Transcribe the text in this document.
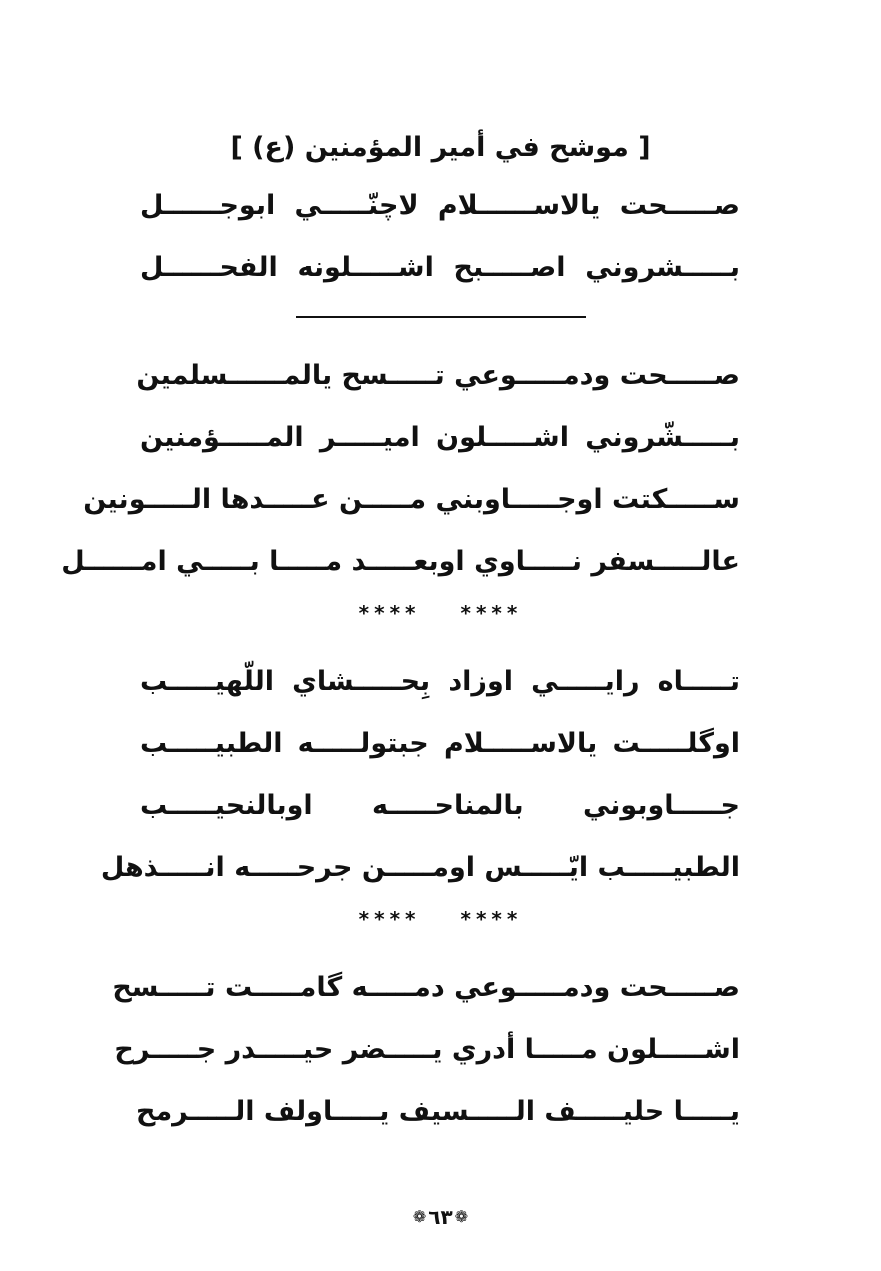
[ موشح في أمير المؤمنين (ع) ]
صـــــحت يالاســــــلام لاچنّـــــي ابوجــــــل
بـــــشروني اصـــــبح اشـــــلونه الفحــــــل
صـــــحت ودمـــــوعي تـــــسح يالمــــــسلمين
بـــــشّروني اشـــــلون اميـــــر المـــــؤمنين
ســـــكتت اوجـــــاوبني مـــــن عـــــدها الـــــونين
عالـــــسفر نـــــاوي اوبعـــــد مـــــا بـــــي امــــــل
**** ****
تـــــاه رايـــــي اوزاد بِحـــــشاي اللّهيـــــب
اوگلـــــت يالاســـــلام جبتولـــــه الطبيـــــب
جـــــاوبوني بالمناحـــــه اوبالنحيـــــب
الطبيـــــب ايّـــــس اومـــــن جرحـــــه انـــــذهل
**** ****
صـــــحت ودمـــــوعي دمـــــه گامـــــت تـــــسح
اشـــــلون مـــــا أدري يـــــضر حيـــــدر جـــــرح
يـــــا حليـــــف الـــــسيف يـــــاولف الـــــرمح
❁٦٣❁
